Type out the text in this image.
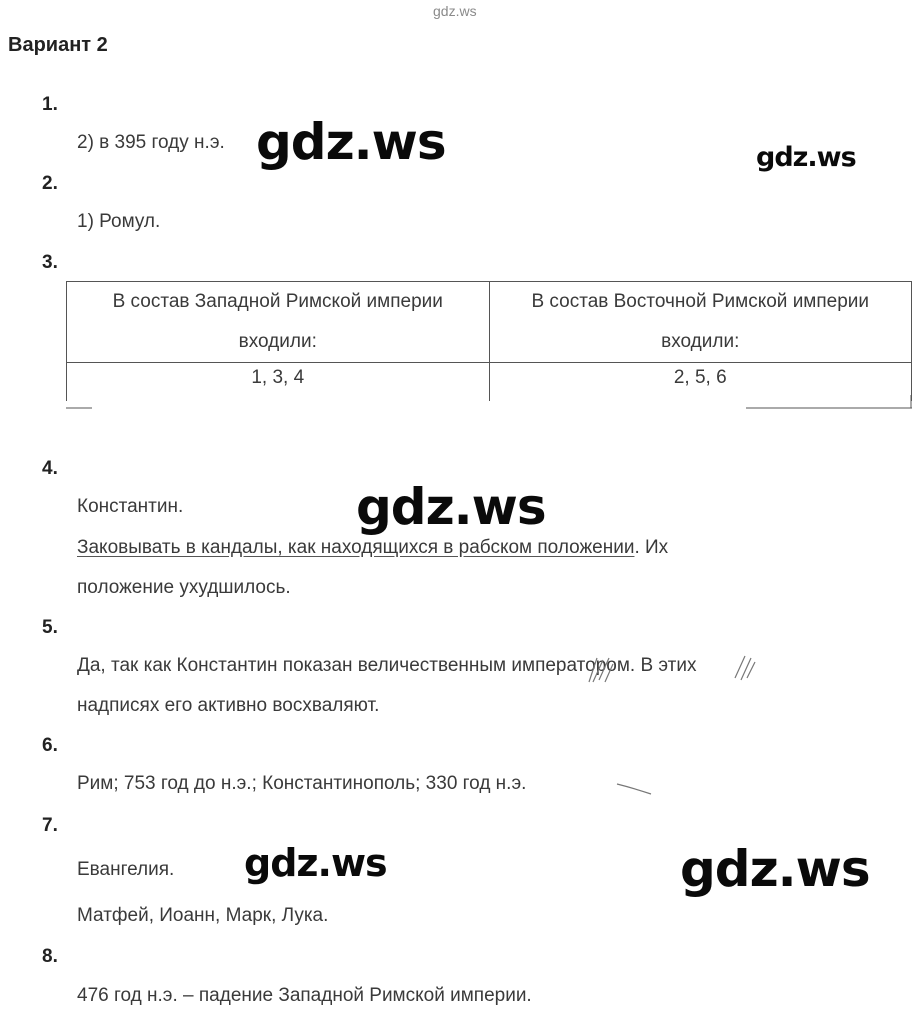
gdz.ws
Вариант 2
1.
2) в 395 году н.э.
2.
1) Ромул.
3.
В состав Западной Римской империи входили:	В состав Восточной Римской империи входили:
1, 3, 4	2, 5, 6
4.
Константин.
Заковывать в кандалы, как находящихся в рабском положении. Их
положение ухудшилось.
5.
Да, так как Константин показан величественным императором. В этих
надписях его активно восхваляют.
6.
Рим; 753 год до н.э.; Константинополь; 330 год н.э.
7.
Евангелия.
Матфей, Иоанн, Марк, Лука.
8.
476 год н.э. – падение Западной Римской империи.
gdz.ws	gdz.ws
gdz.ws
gdz.ws	gdz.ws
